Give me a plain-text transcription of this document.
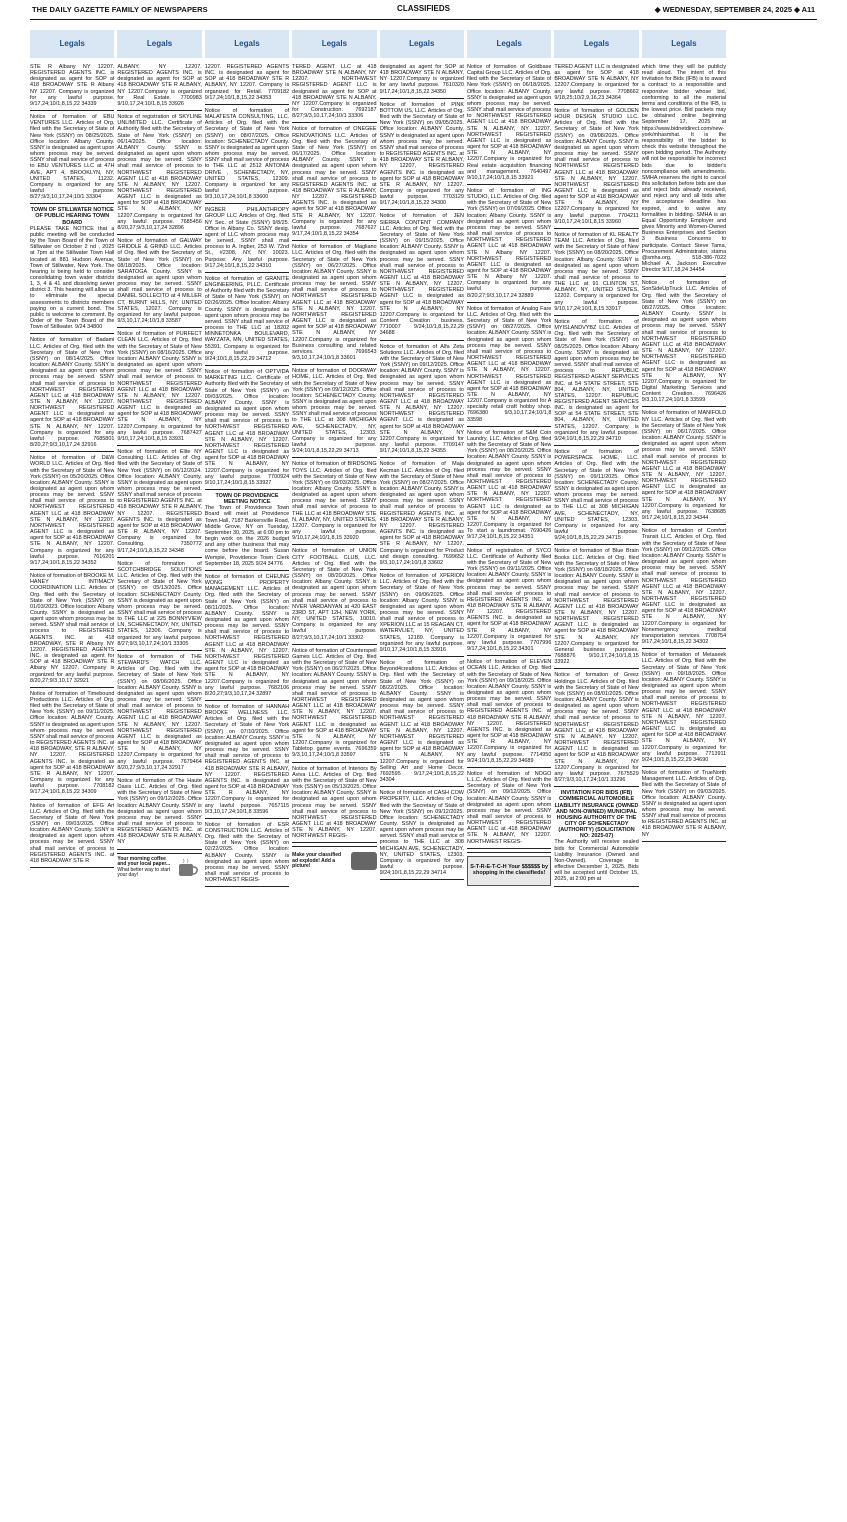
THE DAILY GAZETTE FAMILY OF NEWSPAPERS	CLASSIFIEDS	◆ WEDNESDAY, SEPTEMBER 24, 2025 ◆ A11
Legals
STE R Albany NY 12207. REGISTERED AGENTS INC. is designated as agent for SOP at 418 BROADWAY STE R Albany NY 12207. Company is organized for any lawful purpose. 9/17,24;10/1,8,15,22 34339
Notice of formation of EBU VENTURES LLC. Articles of Org. filed with the Secretary of State of New York (SSNY) on 08/25/2025. Office location: Albany County. SSNY is designated as agent upon whom process may be served. SSNY shall mail service of process to EBU VENTURES LLC at 47H AVE, APT 4, BROOKLYN, NY, UNITED STATES, 11232. Company is organized for any lawful purpose. 8/27;9/3,10,17,24;10/1 33304
TOWN OF STILLWATER NOTICE OF PUBLIC HEARING TOWN BOARD
PLEASE TAKE NOTICE that a public meeting will be conducted by the Town Board of the Town of Stillwater on October 2 nd , 2025 at 7pm at the Stillwater Town Hall located at 881 Hudson Avenue, Town of Stillwater, New York. The hearing is being held to consider consolidating town water districts 1, 3, 4 & 41 and dissolving sewer district 3. This hearing will allow us to eliminate the special assessments to districts members paying on a current bond. The public is welcome to comment. By Order of the Town Board of the Town of Stillwater. 9/24 34800
Notice of formation of Badami LLC. Articles of Org. filed with the Secretary of State of New York (SSNY) on 08/14/2025. Office location: ALBANY County. SSNY is designated as agent upon whom process may be served. SSNY shall mail service of process to NORTHWEST REGISTERED AGENT LLC at 418 BROADWAY STE N ALBANY, NY 12207. NORTHWEST REGISTERED AGENT LLC is designated as agent for SOP at 418 BROADWAY STE N ALBANY, NY 12207. Company is organized for any lawful purpose. 7685801 8/20,27;9/3,10,17,24 32916
Notice of formation of D&W WORLD LLC. Articles of Org. filed with the Secretary of State of New York (SSNY) on 05/20/2025. Office location: ALBANY County. SSNY is designated as agent upon whom process may be served. SSNY shall mail service of process to NORTHWEST REGISTERED AGENT LLC at 418 BROADWAY STE N ALBANY, NY 12207. NORTHWEST REGISTERED AGENT LLC is designated as agent for SOP at 418 BROADWAY STE N ALBANY, NY 12207. Company is organized for any lawful purpose. 7616201 9/17,24;10/1,8,15,22 34352
Notice of formation of BROOKE M. HANEY INTIMACY COORDINATION LLC. Articles of Org. filed with the Secretary of State of New York (SSNY) on 01/03/2023. Office location: Albany County. SSNY is designated as agent upon whom process may be served. SSNY shall mail service of process to REGISTERED AGENTS INC. at 418 BROADWAY, STE R Albany NY 12207. REGISTERED AGENTS INC. is designated as agent for SOP at 418 BROADWAY STE R Albany NY 12207. Company is organized for any lawful purpose. 8/20,27;9/3,10,17 32921
Notice of formation of Timebound Productions LLC. Articles of Org. filed with the Secretary of State of New York (SSNY) on 09/11/2025. Office location: ALBANY County. SSNY is designated as agent upon whom process may be served. SSNY shall mail service of process to REGISTERED AGENTS INC. at 418 BROADWAY, STE R ALBANY, NY 12207. REGISTERED AGENTS INC. is designated as agent for SOP at 418 BROADWAY STE R ALBANY, NY 12207. Company is organized for any lawful purpose. 7708182 9/17,24;10/1,8,15,22 34309
Notice of formation of EFG Art LLC. Articles of Org. filed with the Secretary of State of New York (SSNY) on 09/03/2025. Office location: ALBANY County. SSNY is designated as agent upon whom process may be served. SSNY shall mail service of process to REGISTERED AGENTS INC. at 418 BROADWAY STE R
Legals
ALBANY, NY 12207. REGISTERED AGENTS INC. is designated as agent for SOP at 418 BROADWAY STE R ALBANY, NY 12207.Company is organized for Real Estate. 7700983 9/10,17,24;10/1,8,15 33926
Notice of registration of SKYLINE UNLIMITED LLC. Certificate of Authority filed with the Secretary of State of New York (SSNY) on 06/14/2025. Office location: ALBANY County. SSNY is designated as agent upon whom process may be served. SSNY shall mail service of process to NORTHWEST REGISTERED AGENT LLC at 418 BROADWAY STE N ALBANY, NY 12207. NORTHWEST REGISTERED AGENT LLC is designated as agent for SOP at 418 BROADWAY STE N ALBANY, NY 12207.Company is organized for any lawful purpose. 7685456 8/20,27;9/3,10,17,24 32896
Notice of formation of GALWAY GRIDDLE & GRIND LLC. Articles of Org. filed with the Secretary of State of New York (SSNY) on 08/18/2025. Office location: SARATOGA County. SSNY is designated as agent upon whom process may be served. SSNY shall mail service of process to DANIEL SOLLECITO at 4 MILLER CT, BURNT HILLS, NY, UNITED STATES, 12027. Company is organized for any lawful purpose. 9/3,10,17,24;10/1,8 33587
Notice of formation of PURFECT CLEAN LLC. Articles of Org. filed with the Secretary of State of New York (SSNY) on 08/16/2025. Office location: ALBANY County. SSNY is designated as agent upon whom process may be served. SSNY shall mail service of process to NORTHWEST REGISTERED AGENT LLC at 418 BROADWAY STE N ALBANY, NY 12207. NORTHWEST REGISTERED AGENT LLC is designated as agent for SOP at 418 BROADWAY STE N ALBANY, NY 12207.Company is organized for any lawful purpose. 7687427 9/10,17,24;10/1,8,15 33931
Notice of formation of Elite NY Consulting LLC. Articles of Org. filed with the Secretary of State of New York (SSNY) on 06/12/2024. Office location: ALBANY County. SSNY is designated as agent upon whom process may be served. SSNY shall mail service of process to REGISTERED AGENTS INC. at 418 BROADWAY STE R ALBANY, NY 12207. REGISTERED AGENTS INC. is designated as agent for SOP at 418 BROADWAY STE R ALBANY, NY 12207. Company is organized for Consulting. 7350772 9/17,24;10/1,8,15,22 34348
Notice of formation of SCOTCHBRIDGE SOLUTIONS LLC. Articles of Org. filed with the Secretary of State of New York (SSNY) on 05/13/2025. Office location: SCHENECTADY County. SSNY is designated as agent upon whom process may be served. SSNY shall mail service of process to THE LLC at 225 BONNYVIEW LN, SCHENECTADY, NY, UNITED STATES, 12306. Company is organized for any lawful purpose. 8/27;9/3,10,17,24;10/1 33305
Notice of formation of THE STEWARD'S WATCH LLC. Articles of Org. filed with the Secretary of State of New York (SSNY) on 08/06/2025. Office location: ALBANY County. SSNY is designated as agent upon whom process may be served. SSNY shall mail service of process to NORTHWEST REGISTERED AGENT LLC at 418 BROADWAY STE N ALBANY, NY 12207. NORTHWEST REGISTERED AGENT LLC is designated as agent for SOP at 418 BROADWAY STE N ALBANY, NY 12207.Company is organized for any lawful purpose. 7679464 8/20,27;9/3,10,17,24 32917
Notice of formation of The Haute Oasis LLC. Articles of Org. filed with the Secretary of State of New York (SSNY) on 09/12/2025. Office location: ALBANY County. SSNY is designated as agent upon whom process may be served. SSNY shall mail service of process to REGISTERED AGENTS INC. at 418 BROADWAY STE R ALBANY, NY
Your morning coffee and your local paper...
What better way to start your day!
Legals
12207. REGISTERED AGENTS INC. is designated as agent for SOP at 418 BROADWAY STE R ALBANY, NY 12207. Company is organized for Retail. 7709182 9/17,24;10/1,8,15,22 34353
Notice of formation of MALATESTA CONSULTING, LLC. Articles of Org. filed with the Secretary of State of New York (SSNY) on 08/07/2025. Office location: SCHENECTADY County. SSNY is designated as agent upon whom process may be served. SSNY shall mail service of process to THE LLC at 2512 ANTONIA DRIVE , SCHENECTADY, NY, UNITED STATES, 12309. Company is organized for any lawful purpose. 9/3,10,17,24;10/1,8 33600
INGBER PHILANTHROPY GROUP LLC Articles of Org. filed NY Sec. of State (SSNY) 9/8/25. Office in Albany Co. SSNY desig. agent of LLC whom process may be served. SSNY shall mail process to A. Ingber, 253 W. 72nd St., #2308, NY, NY 10023. Purpose: Any lawful purpose. 9/17,24;10/1,8,15,22 34310
Notice of formation of GRANITE ENGINEERING, PLLC. Certificate of Authority filed with the Secretary of State of New York (SSNY) on 02/26/2025. Office location: Albany County. SSNY is designated as agent upon whom process may be served. SSNY shall mail service of process to THE LLC at 18202 MINNETONKA BOULEVARD, WAYZATA, MN, UNITED STATES, 55391. Company is organized for any lawful purpose. 9/24;10/1,8,15,22,29 34712
Notice of formation of OPTVIDA MARKETING LLC. Certificate of Authority filed with the Secretary of State of New York (SSNY) on 09/03/2025. Office location: ALBANY County. SSNY is designated as agent upon whom process may be served. SSNY shall mail service of process to NORTHWEST REGISTERED AGENT LLC at 418 BROADWAY STE N ALBANY, NY 12207. NORTHWEST REGISTERED AGENT LLC is designated as agent for SOP at 418 BROADWAY STE N ALBANY, NY 12207.Company is organized for any lawful purpose. 7700924 9/10,17,24;10/1,8,15 33927
TOWN OF PROVIDENCE MEETING NOTICE
The Town of Providence Town Board will meet at Providence Town Hall, 7187 Barkersville Road, Middle Grove, NY on Tuesday, September 30, 2025, at 6:00 pm to begin work on the 2026 budget and any other business that may come before the board. Susan Wemple, Providence Town Clerk September 18, 2025 9/24 34776
Notice of formation of CHEUNG WONG PROPERTY MANAGEMENT LLC. Articles of Org. filed with the Secretary of State of New York (SSNY) on 08/11/2025. Office location: ALBANY County. SSNY is designated as agent upon whom process may be served. SSNY shall mail service of process to NORTHWEST REGISTERED AGENT LLC at 418 BROADWAY STE N ALBANY, NY 12207. NORTHWEST REGISTERED AGENT LLC is designated as agent for SOP at 418 BROADWAY STE N ALBANY, NY 12207.Company is organized for any lawful purpose. 7682106 8/20,27;9/3,10,17,24 32897
Notice of formation of HANNAH BROOKE WELLNESS LLC. Articles of Org. filed with the Secretary of State of New York (SSNY) on 07/10/2025. Office location: ALBANY County. SSNY is designated as agent upon whom process may be served. SSNY shall mail service of process to REGISTERED AGENTS INC. at 418 BROADWAY STE R ALBANY, NY 12207. REGISTERED AGENTS INC. is designated as agent for SOP at 418 BROADWAY STE R ALBANY, NY 12207.Company is organized for any lawful purpose. 7657115 9/3,10,17,24;10/1,8 33596
Notice of formation of ESR CONSTRUCTION LLC. Articles of Org. filed with the Secretary of State of New York (SSNY) on 02/22/2025. Office location: ALBANY County. SSNY is designated as agent upon whom process may be served. SSNY shall mail service of process to NORTHWEST REGIS-
Legals
TERED AGENT LLC at 418 BROADWAY STE N ALBANY, NY 12207. NORTHWEST REGISTERED AGENT LLC is designated as agent for SOP at 418 BROADWAY STE N ALBANY, NY 12207.Company is organized for Construction. 7692187 8/27;9/3,10,17,24;10/1 33306
Notice of formation of ONEGEE RENOVATIONS LLC. Articles of Org. filed with the Secretary of State of New York (SSNY) on 06/17/2025. Office location: ALBANY County. SSNY is designated as agent upon whom process may be served. SSNY shall mail service of process to REGISTERED AGENTS INC. at 418 BROADWAY STE R ALBANY, NY 12207. REGISTERED AGENTS INC. is designated as agent for SOP at 418 BROADWAY STE R ALBANY, NY 12207. Company is organized for any lawful purpose. 7687627 9/17,24;10/1,8,15,22 34354
Notice of formation of Magliano LLC. Articles of Org. filed with the Secretary of State of New York (SSNY) on 06/27/2025. Office location: ALBANY County. SSNY is designated as agent upon whom process may be served. SSNY shall mail service of process to NORTHWEST REGISTERED AGENT LLC at 418 BROADWAY STE N ALBANY, NY 12207. NORTHWEST REGISTERED AGENT LLC is designated as agent for SOP at 418 BROADWAY STE N ALBANY, NY 12207.Company is organized for Business consulting and related services. 7696543 9/3,10,17,24;10/1,8 33601
Notice of formation of DOORWAY HOME, LLC. Articles of Org. filed with the Secretary of State of New York (SSNY) on 09/12/2025. Office location: SCHENECTADY County. SSNY is designated as agent upon whom process may be served. SSNY shall mail service of process to THE LLC at 308 MICHIGAN AVE, SCHENECTADY, NY, UNITED STATES, 12303. Company is organized for any lawful purpose. 9/24;10/1,8,15,22,29 34713
Notice of formation of BIRDSONG TOYS LLC. Articles of Org. filed with the Secretary of State of New York (SSNY) on 09/03/2025. Office location: Albany County. SSNY is designated as agent upon whom process may be served. SSNY shall mail service of process to THE LLC at 418 BROADWAY STE N, ALBANY, NY, UNITED STATES, 12207. Company is organized for any lawful purpose. 9/10,17,24;10/1,8,15 33920
Notice of formation of UNION CITY FOOTBALL CLUB, LLC. Articles of Org. filed with the Secretary of State of New York (SSNY) on 08/20/2025. Office location: Albany County. SSNY is designated as agent upon whom process may be served. SSNY shall mail service of process to NVER VARDANYAN at 420 EAST 23RD ST, APT 12H, NEW YORK, NY, UNITED STATES, 10010. Company is organized for any lawful purpose. 8/27;9/3,10,17,24;10/1 33302
Notice of formation of Counterspell Games LLC. Articles of Org. filed with the Secretary of State of New York (SSNY) on 06/27/2025. Office location: ALBANY County. SSNY is designated as agent upon whom process may be served. SSNY shall mail service of process to NORTHWEST REGISTERED AGENT LLC at 418 BROADWAY STE N ALBANY, NY 12207. NORTHWEST REGISTERED AGENT LLC is designated as agent for SOP at 418 BROADWAY STE N ALBANY, NY 12207.Company is organized for Tabletop game events. 7696359 9/3,10,17,24;10/1,8 33597
Notice of formation of Interiors By Aviva LLC. Articles of Org. filed with the Secretary of State of New York (SSNY) on 05/13/2025. Office location: ALBANY County. SSNY is designated as agent upon whom process may be served. SSNY shall mail service of process to NORTHWEST REGISTERED AGENT LLC at 418 BROADWAY STE N ALBANY, NY 12207. NORTHWEST REGIS-
Make your classified ad explode! Add a picture!
Legals
designated as agent for SOP at 418 BROADWAY STE N ALBANY, NY 12207.Company is organized for any lawful purpose. 7610320 9/17,24;10/1,8,15,22 34350
Notice of formation of PINK BOTTOM US, LLC. Articles of Org. filed with the Secretary of State of New York (SSNY) on 09/05/2025. Office location: ALBANY County, SSNY is designated as agent upon whom process may be served. SSNY shall mail service of process to REGISTERED AGENTS INC. at 418 BROADWAY STE R ALBANY, NY 12207, REGISTERED AGENTS INC. is designated as agent for SOP at 418 BROADWAY STE R ALBANY, NY 12207. Company is organized for any lawful purpose. 7703129 9/17,24;10/1,8,15,22 34300
Notice of formation of JEN SIERRA CONTENT COMPANY LLC. Articles of Org. filed with the Secretary of State of New York (SSNY) on 09/15/2025. Office location: ALBANY County. SSNY is designated as agent upon whom process may be served. SSNY shall mail service of process to NORTHWEST REGISTERED AGENT LLC at 418 BROADWAY STE N ALBANY, NY 12207. NORTHWEST REGISTERED AGENT LLC is designated as agent for SOP at 418 BROADWAY STE N ALBANY, NY 12207.Company is organized for Content Creation business. 7710007 9/24;10/1,8,15,22,29 34688
Notice of formation of Alfa Zeta Solutions LLC. Articles of Org. filed with the Secretary of State of New York (SSNY) on 09/12/2025. Office location: ALBANY County. SSNY is designated as agent upon whom process may be served. SSNY shall mail service of process to NORTHWEST REGISTERED AGENT LLC at 418 BROADWAY STE N ALBANY, NY 12207. NORTHWEST REGISTERED AGENT LLC is designated as agent for SOP at 418 BROADWAY STE N ALBANY, NY 12207.Company is organized for any lawful purpose. 7709147 9/17,24;10/1,8,15,22 34355
Notice of formation of Maja Kecman LLC. Articles of Org. filed with the Secretary of State of New York (SSNY) on 08/27/2025. Office location: ALBANY County. SSNY is designated as agent upon whom process may be served. SSNY shall mail service of process to REGISTERED AGENTS INC. at 418 BROADWAY STE R ALBANY, NY 12207. REGISTERED AGENTS INC. is designated as agent for SOP at 418 BROADWAY STE R ALBANY, NY 12207. Company is organized for Product and design consulting. 7699652 9/3,10,17,24;10/1,8 33602
Notice of formation of XPERION LLC. Articles of Org. filed with the Secretary of State of New York (SSNY) on 09/06/2025. Office location: Albany County. SSNY is designated as agent upon whom process may be served. SSNY shall mail service of process to XPERION LLC at 15 REAGAN CT, WATERVLIET, NY, UNITED STATES, 12189. Company is organized for any lawful purpose. 9/10,17,24;10/1,8,15 33916
Notice of formation of Beyond4creations LLC. Articles of Org. filed with the Secretary of State of New York (SSNY) on 08/22/2025. Office location: ALBANY County. SSNY is designated as agent upon whom process may be served. SSNY shall mail service of process to NORTHWEST REGISTERED AGENT LLC at 418 BROADWAY STE N ALBANY, NY 12207. NORTHWEST REGISTERED AGENT LLC is designated as agent for SOP at 418 BROADWAY STE N ALBANY, NY 12207.Company is organized for Selling Art and Home Decor. 7692595 9/17,24;10/1,8,15,22 34304
Notice of formation of CASH COW PROPERTY, LLC. Articles of Org. filed with the Secretary of State of New York (SSNY) on 09/12/2025. Office location: SCHENECTADY County. SSNY is designated as agent upon whom process may be served. SSNY shall mail service of process to THE LLC at 308 MICHIGAN AVE, SCHENECTADY, NY, UNITED STATES, 12303. Company is organized for any lawful purpose. 9/24;10/1,8,15,22,29 34714
Legals
Notice of formation of Goldbase Capital Group LLC. Articles of Org. filed with the Secretary of State of New York (SSNY) on 06/18/2025. Office location: ALBANY County. SSNY is designated as agent upon whom process may be served. SSNY shall mail service of process to NORTHWEST REGISTERED AGENT LLC at 418 BROADWAY STE N ALBANY, NY 12207. NORTHWEST REGISTERED AGENT LLC is designated as agent for SOP at 418 BROADWAY STE N ALBANY, NY 12207.Company is organized for Real estate acquisition financing and management. 7640497 9/10,17,24;10/1,8,15 33921
Notice of formation of ING STUDIO, LLC. Articles of Org. filed with the Secretary of State of New York (SSNY) on 07/09/2025. Office location: Albany County. SSNY is designated as agent upon whom process may be served. SSNY shall mail service of process to NORTHWEST REGISTERED AGENT LLC at 418 BROADWAY STE N Albany NY 12207. NORTHWEST REGISTERED AGENT LLC is designated as agent for SOP at 418 BROADWAY STE N Albany NY 12207. Company is organized for any lawful purpose. 8/20,27;9/3,10,17,24 32889
Notice of formation of Analog Fare LLC. Articles of Org. filed with the Secretary of State of New York (SSNY) on 08/27/2025. Office location: ALBANY County. SSNY is designated as agent upon whom process may be served. SSNY shall mail service of process to NORTHWEST REGISTERED AGENT LLC at 418 BROADWAY STE N ALBANY, NY 12207. NORTHWEST REGISTERED AGENT LLC is designated as agent for SOP at 418 BROADWAY STE N ALBANY, NY 12207.Company is organized for A specialty retail craft hobby shop. 7696380 9/3,10,17,24;10/1,8 33598
Notice of formation of S&M Coin Laundry, LLC. Articles of Org. filed with the Secretary of State of New York (SSNY) on 08/20/2025. Office location: ALBANY County. SSNY is designated as agent upon whom process may be served. SSNY shall mail service of process to NORTHWEST REGISTERED AGENT LLC at 418 BROADWAY STE N ALBANY, NY 12207. NORTHWEST REGISTERED AGENT LLC is designated as agent for SOP at 418 BROADWAY STE N ALBANY, NY 12207.Company is organized for To start a laundromat. 7690426 9/17,24;10/1,8,15,22 34351
Notice of registration of SYCO LLC. Certificate of Authority filed with the Secretary of State of New York (SSNY) on 09/11/2025. Office location: ALBANY County. SSNY is designated as agent upon whom process may be served. SSNY shall mail service of process to REGISTERED AGENTS INC. at 418 BROADWAY STE R ALBANY, NY 12207. REGISTERED AGENTS INC. is designated as agent for SOP at 418 BROADWAY STE R ALBANY, NY 12207.Company is organized for any lawful purpose. 7707996 9/17,24;10/1,8,15,22 34301
Notice of formation of ELEVEN OCEAN LLC. Articles of Org. filed with the Secretary of State of New York (SSNY) on 09/18/2025. Office location: ALBANY County. SSNY is designated as agent upon whom process may be served. SSNY shall mail service of process to REGISTERED AGENTS INC. at 418 BROADWAY STE R ALBANY, NY 12207. REGISTERED AGENTS INC. is designated as agent for SOP at 418 BROADWAY STE R ALBANY, NY 12207.Company is organized for any lawful purpose. 7714950 9/24;10/1,8,15,22,29 34689
Notice of formation of NOGO L.L.C. Articles of Org. filed with the Secretary of State of New York (SSNY) on 09/12/2025. Office location: ALBANY County. SSNY is designated as agent upon whom process may be served. SSNY shall mail service of process to NORTHWEST REGISTERED AGENT LLC at 418 BROADWAY STE N ALBANY, NY 12207. NORTHWEST REGIS-
S-T-R-E-T-C-H Your $$$$$$ by shopping in the classifieds!
Legals
TERED AGENT LLC is designated as agent for SOP at 418 BROADWAY STE N ALBANY, NY 12207.Company is organized for any lawful purpose. 7708662 9/18,25;10/2,9,16,23 34364
Notice of formation of GOLDEN HOUR DESIGN STUDIO LLC. Articles of Org. filed with the Secretary of State of New York (SSNY) on 09/08/2025. Office location: ALBANY County. SSNY is designated as agent upon whom process may be served. SSNY shall mail service of process to NORTHWEST REGISTERED AGENT LLC at 418 BROADWAY STE N ALBANY, NY 12207. NORTHWEST REGISTERED AGENT LLC is designated as agent for SOP at 418 BROADWAY STE N ALBANY, NY 12207.Company is organized for any lawful purpose. 7704211 9/10,17,24;10/1,8,15 33960
Notice of formation of KL REALTY TEAM LLC. Articles of Org. filed with the Secretary of State of New York (SSNY) on 08/20/2025. Office location: Albany County. SSNY is designated as agent upon whom process may be served. SSNY shall mail service of process to THE LLC at 91 CLINTON ST, ALBANY, NY, UNITED STATES, 12202. Company is organized for any lawful purpose. 9/10,17,24;10/1,8,15 33917
Notice of formation of MYISLANDVYBZ LLC. Articles of Org. filed with the Secretary of State of New York (SSNY) on 08/25/2025. Office location: Albany County. SSNY is designated as agent upon whom process may be served. SSNY shall mail service of process to REPUBLIC REGISTERED AGENT SERVICES INC. at 54 STATE STREET, STE 804, ALBANY, NY, UNITED STATES, 12207. REPUBLIC REGISTERED AGENT SERVICES INC. is designated as agent for SOP at 54 STATE STREET, STE 804, ALBANY, NY, UNITED STATES, 12207. Company is organized for any lawful purpose. 9/24;10/1,8,15,22,29 34710
Notice of formation of POWERSPACE HOME, LLC. Articles of Org. filed with the Secretary of State of New York (SSNY) on 09/11/2025. Office location: SCHENECTADY County. SSNY is designated as agent upon whom process may be served. SSNY shall mail service of process to THE LLC at 308 MICHIGAN AVE, SCHENECTADY, NY, UNITED STATES, 12303. Company is organized for any lawful purpose. 9/24;10/1,8,15,22,29 34715
Notice of formation of Blue Brain Books LLC. Articles of Org. filed with the Secretary of State of New York (SSNY) on 08/18/2025. Office location: ALBANY County. SSNY is designated as agent upon whom process may be served. SSNY shall mail service of process to NORTHWEST REGISTERED AGENT LLC at 418 BROADWAY STE N ALBANY, NY 12207. NORTHWEST REGISTERED AGENT LLC is designated as agent for SOP at 418 BROADWAY STE N ALBANY, NY 12207.Company is organized for General business purposes. 7688876 9/10,17,24;10/1,8,15 33922
Notice of formation of Greez Holdings LLC. Articles of Org. filed with the Secretary of State of New York (SSNY) on 08/01/2025. Office location: ALBANY County. SSNY is designated as agent upon whom process may be served. SSNY shall mail service of process to NORTHWEST REGISTERED AGENT LLC at 418 BROADWAY STE N ALBANY, NY 12207. NORTHWEST REGISTERED AGENT LLC is designated as agent for SOP at 418 BROADWAY STE N ALBANY, NY 12207.Company is organized for any lawful purpose. 7675529 8/27;9/3,10,17,24;10/1 33296
INVITATION FOR BIDS (IFB) COMMERCIAL AUTOMOBILE LIABILITY INSURANCE (OWNED AND NON-OWNED) MUNICIPAL HOUSING AUTHORITY OF THE CITY OF SCHENECTADY (AUTHORITY) (SOLICITATION NO: 2025-07)
The Authority will receive sealed bids for Commercial Automobile Liability Insurance (Owned and Non-Owned). Coverage is effective December 1, 2025. Bids will be accepted until October 15, 2025, at 2:00 pm at
Legals
which time they will be publicly read aloud. The intent of this Invitation for Bids (IFB) is to award a contract to a responsible and responsive bidder whose bid, conforming to all the material terms and conditions of the IFB, is the lowest price. Bid packets may be obtained online beginning September 17, 2025 at https://www.bidnetdirect.com/new-york/mhasmhat. It is the responsibility of the bidder to check this website throughout the open bidding period. The Authority will not be responsible for incorrect bids due to bidder's noncompliance with amendments. SMHA reserves the right to cancel this solicitation before bids are due and reject bids already received, and reject any and all bids after the acceptance deadline has expired, and to waive any formalities in bidding. SMHA is an Equal Opportunity Employer and gives Minority and Women-Owned Business Enterprises and Section 3 Business Concerns to participate. Contact: Steve Tama, Procurement Administrator, stama @smha.org, 518-386-7022 Michael A. Jackson Executive Director 9/17,18,24 34454
Notice of formation of SonSideUpTruck LLC. Articles of Org. filed with the Secretary of State of New York (SSNY) on 08/27/2025. Office location: ALBANY County. SSNY is designated as agent upon whom process may be served. SSNY shall mail service of process to NORTHWEST REGISTERED AGENT LLC at 418 BROADWAY STE N ALBANY, NY 12207. NORTHWEST REGISTERED AGENT LLC is designated as agent for SOP at 418 BROADWAY STE N ALBANY, NY 12207.Company is organized for Digital Marketing Services and Content Creation. 7696426 9/3,10,17,24;10/1,8 33599
Notice of formation of MANIFOLD NY LLC. Articles of Org. filed with the Secretary of State of New York (SSNY) on 06/17/2025. Office location: ALBANY County. SSNY is designated as agent upon whom process may be served. SSNY shall mail service of process to NORTHWEST REGISTERED AGENT LLC at 418 BROADWAY STE N ALBANY, NY 12207. NORTHWEST REGISTERED AGENT LLC is designated as agent for SOP at 418 BROADWAY STE N ALBANY, NY 12207.Company is organized for any lawful purpose. 7638685 9/17,24;10/1,8,15,22 34344
Notice of formation of Comfort Transit LLC. Articles of Org. filed with the Secretary of State of New York (SSNY) on 09/12/2025. Office location: ALBANY County. SSNY is designated as agent upon whom process may be served. SSNY shall mail service of process to NORTHWEST REGISTERED AGENT LLC at 418 BROADWAY STE N ALBANY, NY 12207. NORTHWEST REGISTERED AGENT LLC is designated as agent for SOP at 418 BROADWAY STE N ALBANY, NY 12207.Company is organized for Nonemergency medical transportation services. 7708754 9/17,24;10/1,8,15,22 34302
Notice of formation of Metaseek LLC. Articles of Org. filed with the Secretary of State of New York (SSNY) on 09/18/2025. Office location: ALBANY County. SSNY is designated as agent upon whom process may be served. SSNY shall mail service of process to NORTHWEST REGISTERED AGENT LLC at 418 BROADWAY STE N ALBANY, NY 12207. NORTHWEST REGISTERED AGENT LLC is designated as agent for SOP at 418 BROADWAY STE N ALBANY, NY 12207.Company is organized for any lawful purpose. 7713911 9/24;10/1,8,15,22,29 34690
Notice of formation of TrueNorth Management LLC. Articles of Org. filed with the Secretary of State of New York (SSNY) on 09/03/2025. Office location: ALBANY County. SSNY is designated as agent upon whom process may be served. SSNY shall mail service of process to REGISTERED AGENTS INC. at 418 BROADWAY STE R ALBANY, NY
